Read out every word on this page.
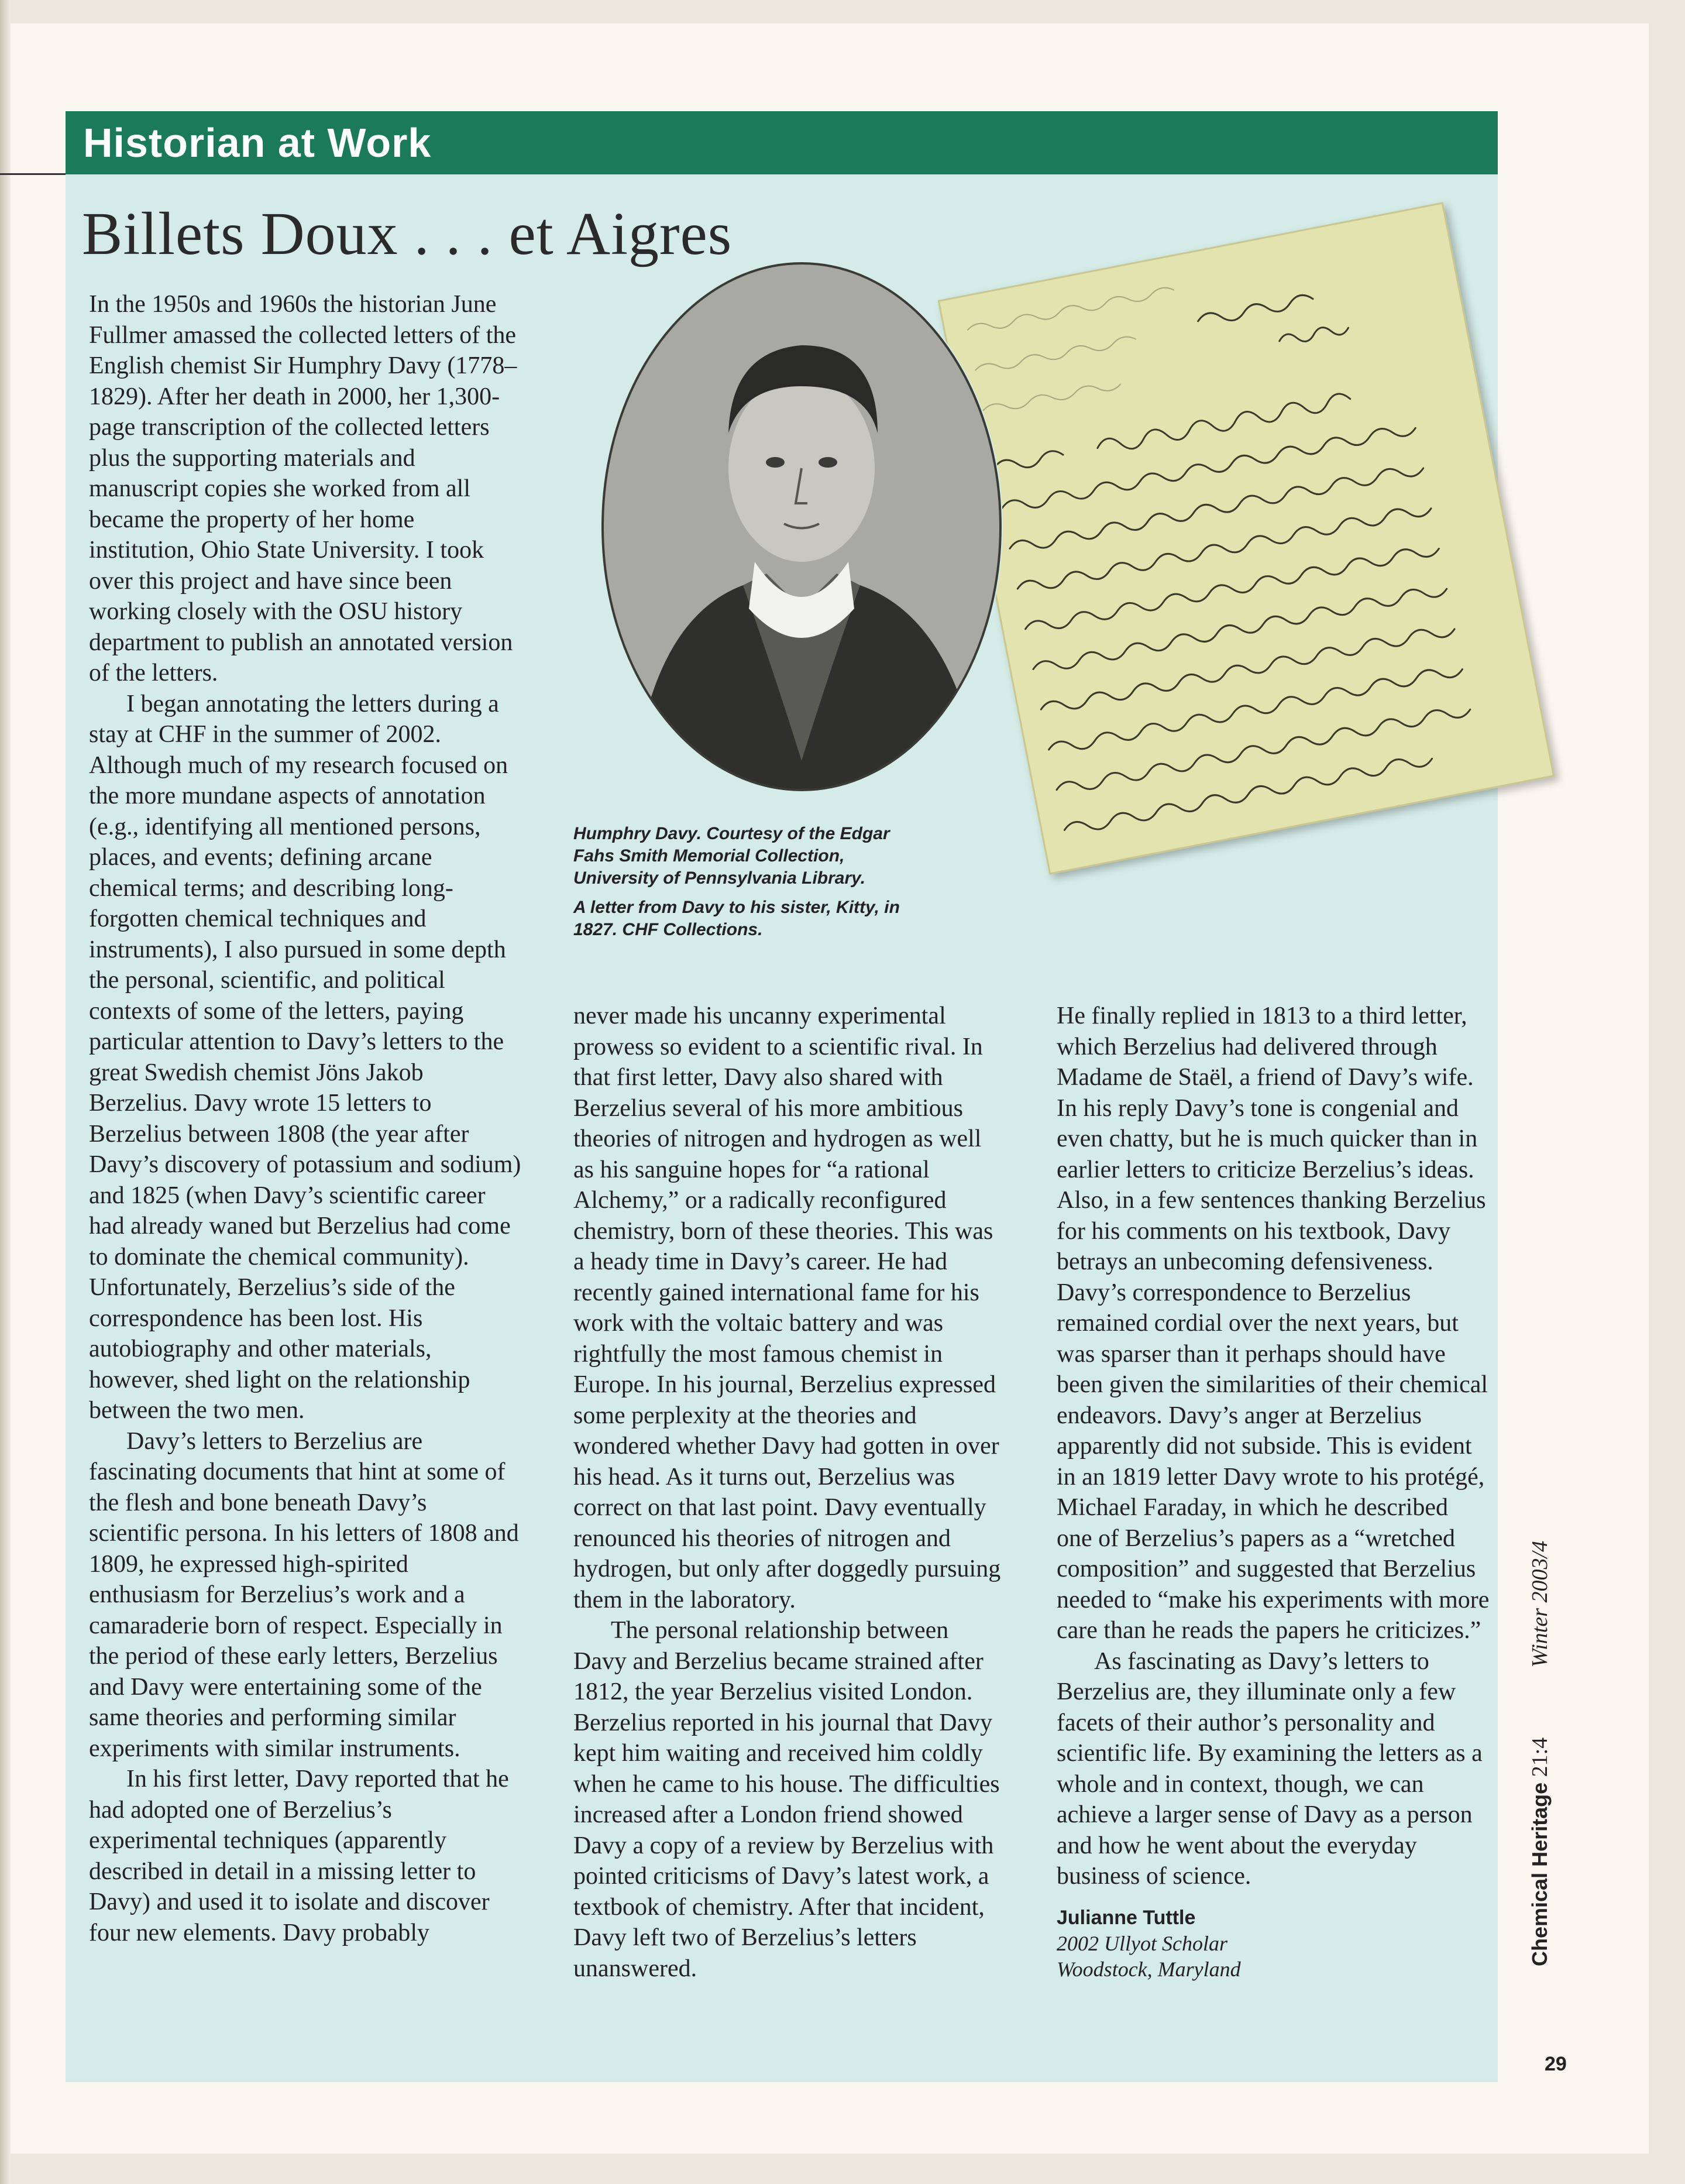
Historian at Work
Billets Doux . . . et Aigres

Humphry Davy. Courtesy of the Edgar Fahs Smith Memorial Collection, University of Pennsylvania Library.

A letter from Davy to his sister, Kitty, in 1827. CHF Collections.

In the 1950s and 1960s the historian June Fullmer amassed the collected letters of the English chemist Sir Humphry Davy (1778–1829). After her death in 2000, her 1,300-page transcription of the collected letters plus the supporting materials and manuscript copies she worked from all became the property of her home institution, Ohio State University. I took over this project and have since been working closely with the OSU history department to publish an annotated version of the letters.

I began annotating the letters during a stay at CHF in the summer of 2002. Although much of my research focused on the more mundane aspects of annotation (e.g., identifying all mentioned persons, places, and events; defining arcane chemical terms; and describing long-forgotten chemical techniques and instruments), I also pursued in some depth the personal, scientific, and political contexts of some of the letters, paying particular attention to Davy’s letters to the great Swedish chemist Jöns Jakob Berzelius. Davy wrote 15 letters to Berzelius between 1808 (the year after Davy’s discovery of potassium and sodium) and 1825 (when Davy’s scientific career had already waned but Berzelius had come to dominate the chemical community). Unfortunately, Berzelius’s side of the correspondence has been lost. His autobiography and other materials, however, shed light on the relationship between the two men.

Davy’s letters to Berzelius are fascinating documents that hint at some of the flesh and bone beneath Davy’s scientific persona. In his letters of 1808 and 1809, he expressed high-spirited enthusiasm for Berzelius’s work and a camaraderie born of respect. Especially in the period of these early letters, Berzelius and Davy were entertaining some of the same theories and performing similar experiments with similar instruments.

In his first letter, Davy reported that he had adopted one of Berzelius’s experimental techniques (apparently described in detail in a missing letter to Davy) and used it to isolate and discover four new elements. Davy probably

never made his uncanny experimental prowess so evident to a scientific rival. In that first letter, Davy also shared with Berzelius several of his more ambitious theories of nitrogen and hydrogen as well as his sanguine hopes for “a rational Alchemy,” or a radically reconfigured chemistry, born of these theories. This was a heady time in Davy’s career. He had recently gained international fame for his work with the voltaic battery and was rightfully the most famous chemist in Europe. In his journal, Berzelius expressed some perplexity at the theories and wondered whether Davy had gotten in over his head. As it turns out, Berzelius was correct on that last point. Davy eventually renounced his theories of nitrogen and hydrogen, but only after doggedly pursuing them in the laboratory.

The personal relationship between Davy and Berzelius became strained after 1812, the year Berzelius visited London. Berzelius reported in his journal that Davy kept him waiting and received him coldly when he came to his house. The difficulties increased after a London friend showed Davy a copy of a review by Berzelius with pointed criticisms of Davy’s latest work, a textbook of chemistry. After that incident, Davy left two of Berzelius’s letters unanswered.

He finally replied in 1813 to a third letter, which Berzelius had delivered through Madame de Staël, a friend of Davy’s wife. In his reply Davy’s tone is congenial and even chatty, but he is much quicker than in earlier letters to criticize Berzelius’s ideas. Also, in a few sentences thanking Berzelius for his comments on his textbook, Davy betrays an unbecoming defensiveness. Davy’s correspondence to Berzelius remained cordial over the next years, but was sparser than it perhaps should have been given the similarities of their chemical endeavors. Davy’s anger at Berzelius apparently did not subside. This is evident in an 1819 letter Davy wrote to his protégé, Michael Faraday, in which he described one of Berzelius’s papers as a “wretched composition” and suggested that Berzelius needed to “make his experiments with more care than he reads the papers he criticizes.”

As fascinating as Davy’s letters to Berzelius are, they illuminate only a few facets of their author’s personality and scientific life. By examining the letters as a whole and in context, though, we can achieve a larger sense of Davy as a person and how he went about the everyday business of science.

Julianne Tuttle
2002 Ullyot Scholar
Woodstock, Maryland
Chemical Heritage 21:4 Winter 2003/4
29
